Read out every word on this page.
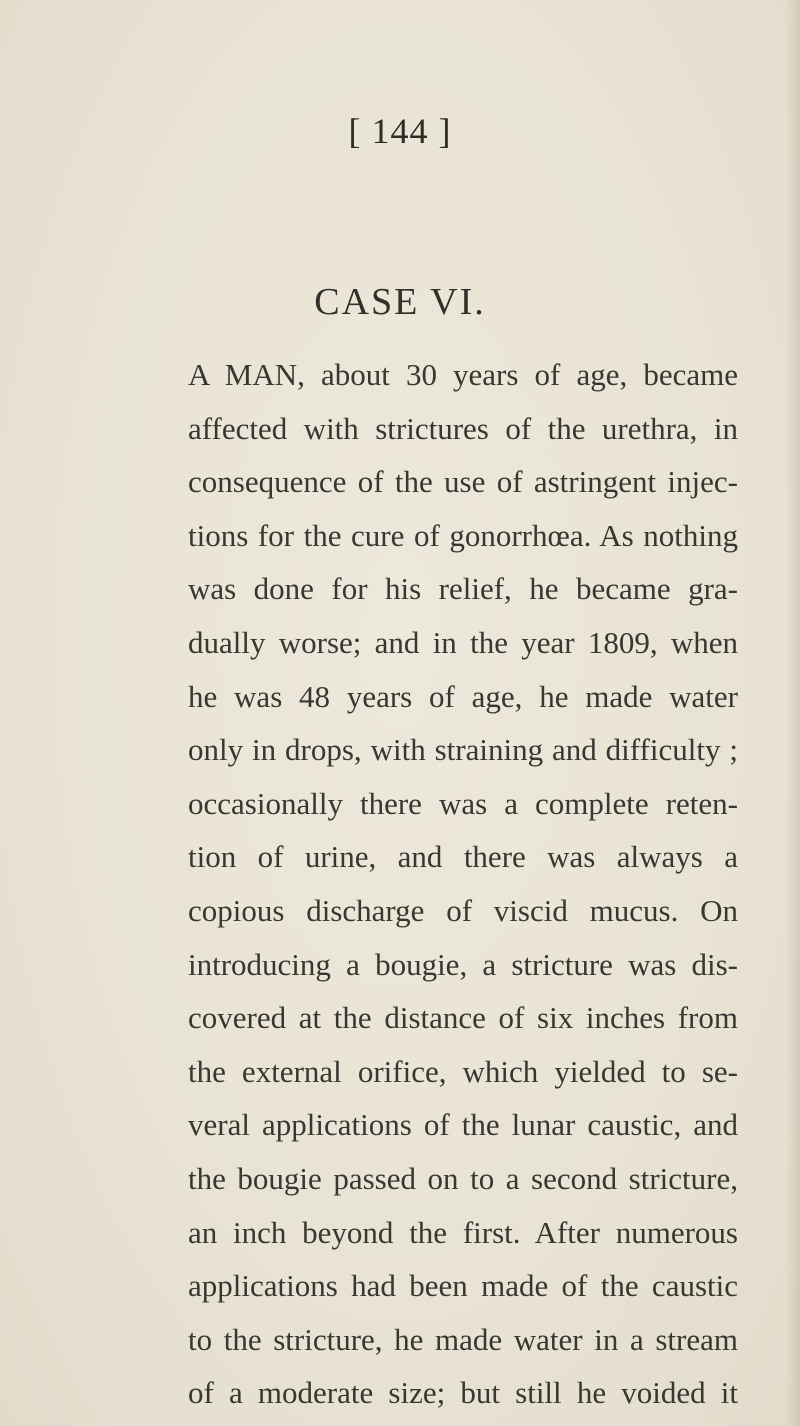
[ 144 ]
CASE VI.
A MAN, about 30 years of age, became
affected with strictures of the urethra, in
consequence of the use of astringent injec-
tions for the cure of gonorrhœa. As nothing
was done for his relief, he became gra-
dually worse; and in the year 1809, when
he was 48 years of age, he made water
only in drops, with straining and difficulty ;
occasionally there was a complete reten-
tion of urine, and there was always a
copious discharge of viscid mucus. On
introducing a bougie, a stricture was dis-
covered at the distance of six inches from
the external orifice, which yielded to se-
veral applications of the lunar caustic, and
the bougie passed on to a second stricture,
an inch beyond the first. After numerous
applications had been made of the caustic
to the stricture, he made water in a stream
of a moderate size; but still he voided it
